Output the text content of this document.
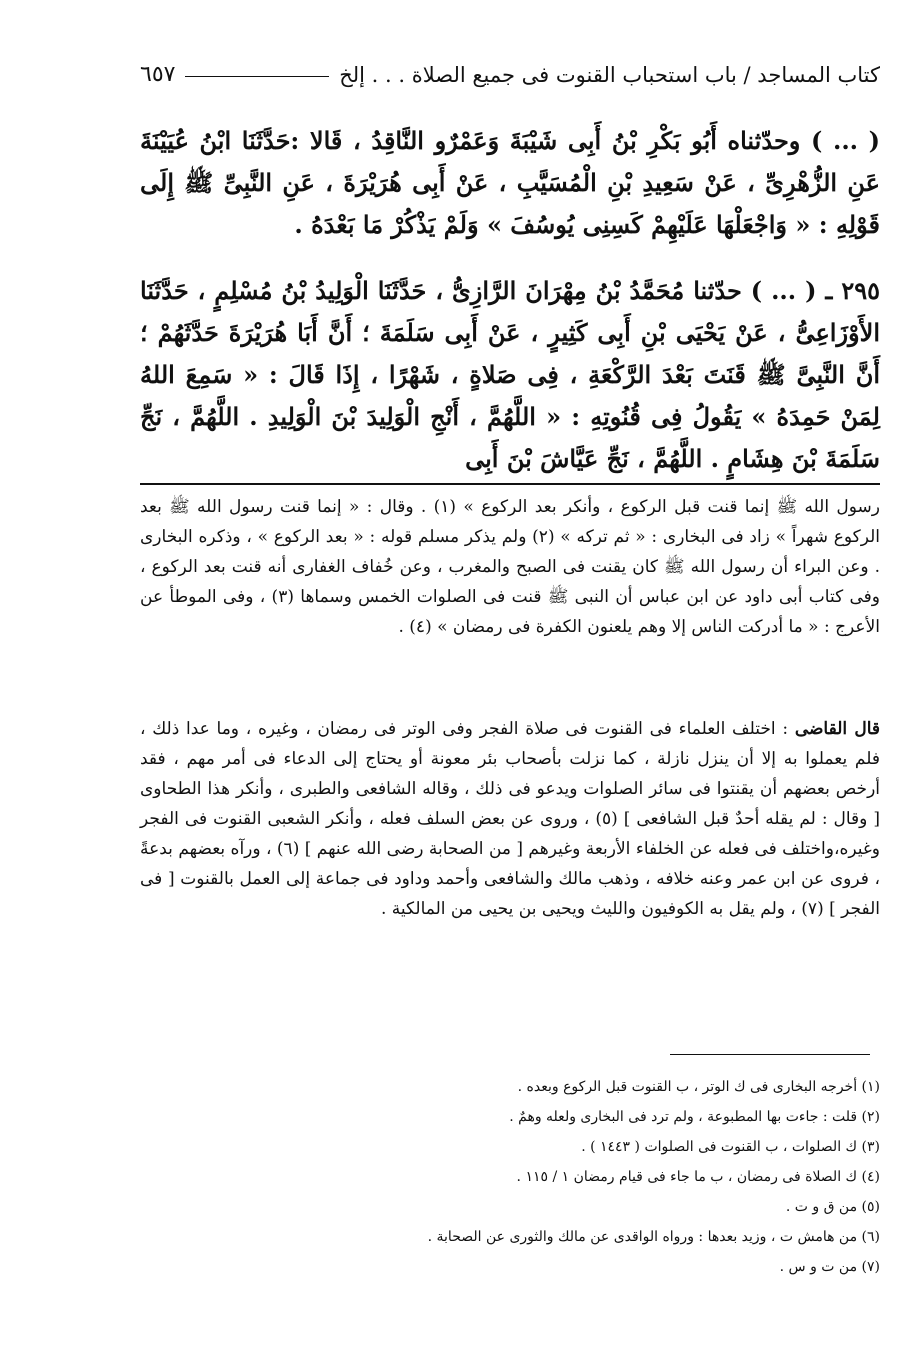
٦٥٧	كتاب المساجد / باب استحباب القنوت فى جميع الصلاة . . . إلخ
( ... ) وحدّثناه أَبُو بَكْرِ بْنُ أَبِى شَيْبَةَ وَعَمْرٌو النَّاقِدُ ، قَالا :حَدَّثَنَا ابْنُ عُيَيْنَةَ عَنِ الزُّهْرِىِّ ، عَنْ سَعِيدِ بْنِ الْمُسَيَّبِ ، عَنْ أَبِى هُرَيْرَةَ ، عَنِ النَّبِىِّ ﷺ إِلَى قَوْلِهِ : « وَاجْعَلْهَا عَلَيْهِمْ كَسِنِى يُوسُفَ » وَلَمْ يَذْكُرْ مَا بَعْدَهُ .
٢٩٥ ـ ( ... ) حدّثنا مُحَمَّدُ بْنُ مِهْرَانَ الرَّازِىُّ ، حَدَّثَنَا الْوَلِيدُ بْنُ مُسْلِمٍ ، حَدَّثَنَا الأَوْزَاعِىُّ ، عَنْ يَحْيَى بْنِ أَبِى كَثِيرٍ ، عَنْ أَبِى سَلَمَةَ ؛ أَنَّ أَبَا هُرَيْرَةَ حَدَّثَهُمْ ؛ أَنَّ النَّبِىَّ ﷺ قَنَتَ بَعْدَ الرَّكْعَةِ ، فِى صَلاةٍ ، شَهْرًا ، إِذَا قَالَ : « سَمِعَ اللهُ لِمَنْ حَمِدَهُ » يَقُولُ فِى قُنُوتِهِ : « اللَّهُمَّ ، أَنْجِ الْوَلِيدَ بْنَ الْوَلِيدِ . اللَّهُمَّ ، نَجِّ سَلَمَةَ بْنَ هِشَامٍ . اللَّهُمَّ ، نَجِّ عَيَّاشَ بْنَ أَبِى
رسول الله ﷺ إنما قنت قبل الركوع ، وأنكر بعد الركوع » (١) . وقال : « إنما قنت رسول الله ﷺ بعد الركوع شهراً » زاد فى البخارى : « ثم تركه » (٢) ولم يذكر مسلم قوله : « بعد الركوع » ، وذكره البخارى . وعن البراء أن رسول الله ﷺ كان يقنت فى الصبح والمغرب ، وعن خُفاف الغفارى أنه قنت بعد الركوع ، وفى كتاب أبى داود عن ابن عباس أن النبى ﷺ قنت فى الصلوات الخمس وسماها (٣) ، وفى الموطأ عن الأعرج : « ما أدركت الناس إلا وهم يلعنون الكفرة فى رمضان » (٤) .
قال القاضى : اختلف العلماء فى القنوت فى صلاة الفجر وفى الوتر فى رمضان ، وغيره ، وما عدا ذلك ، فلم يعملوا به إلا أن ينزل نازلة ، كما نزلت بأصحاب بئر معونة أو يحتاج إلى الدعاء فى أمر مهم ، فقد أرخص بعضهم أن يقنتوا فى سائر الصلوات ويدعو فى ذلك ، وقاله الشافعى والطبرى ، وأنكر هذا الطحاوى [ وقال : لم يقله أحدٌ قبل الشافعى ] (٥) ، وروى عن بعض السلف فعله ، وأنكر الشعبى القنوت فى الفجر وغيره،واختلف فى فعله عن الخلفاء الأربعة وغيرهم [ من الصحابة رضى الله عنهم ] (٦) ، ورآه بعضهم بدعةً ، فروى عن ابن عمر وعنه خلافه ، وذهب مالك والشافعى وأحمد وداود فى جماعة إلى العمل بالقنوت [ فى الفجر ] (٧) ، ولم يقل به الكوفيون والليث ويحيى بن يحيى من المالكية .
(١) أخرجه البخارى فى ك الوتر ، ب القنوت قبل الركوع وبعده .
(٢) قلت : جاءت بها المطبوعة ، ولم ترد فى البخارى ولعله وهمٌ .
(٣) ك الصلوات ، ب القنوت فى الصلوات ( ١٤٤٣ ) .
(٤) ك الصلاة فى رمضان ، ب ما جاء فى قيام رمضان ١ / ١١٥ .
(٥) من ق و ت .
(٦) من هامش ت ، وزيد بعدها : ورواه الواقدى عن مالك والثورى عن الصحابة .
(٧) من ت و س .
